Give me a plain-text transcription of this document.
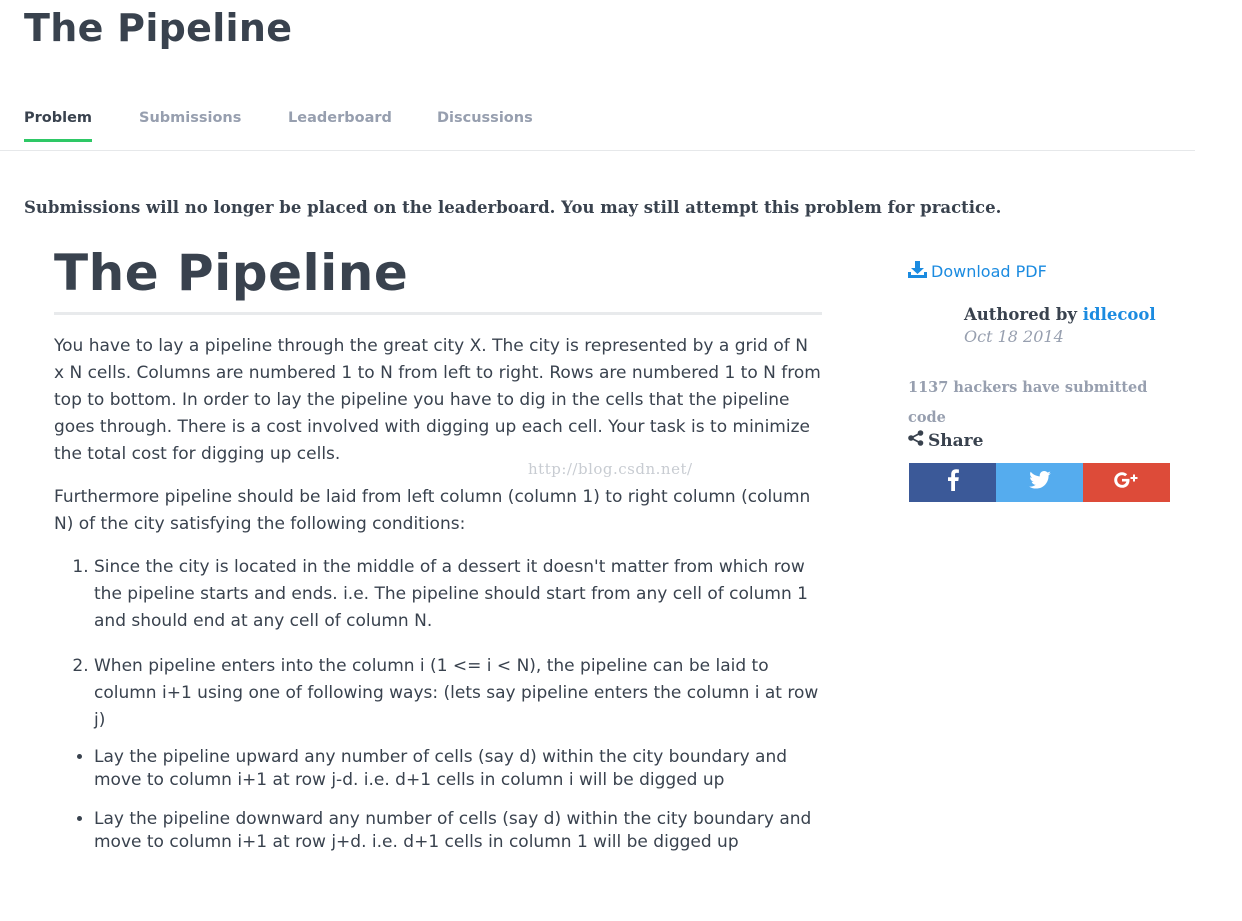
The Pipeline
Problem	Submissions	Leaderboard	Discussions

Submissions will no longer be placed on the leaderboard. You may still attempt this problem for practice.

The Pipeline

You have to lay a pipeline through the great city X. The city is represented by a grid of N x N cells. Columns are numbered 1 to N from left to right. Rows are numbered 1 to N from top to bottom. In order to lay the pipeline you have to dig in the cells that the pipeline goes through. There is a cost involved with digging up each cell. Your task is to minimize the total cost for digging up cells.

Furthermore pipeline should be laid from left column (column 1) to right column (column N) of the city satisfying the following conditions:

1. Since the city is located in the middle of a dessert it doesn't matter from which row the pipeline starts and ends. i.e. The pipeline should start from any cell of column 1 and should end at any cell of column N.
2. When pipeline enters into the column i (1 <= i < N), the pipeline can be laid to column i+1 using one of following ways: (lets say pipeline enters the column i at row j)
• Lay the pipeline upward any number of cells (say d) within the city boundary and move to column i+1 at row j-d. i.e. d+1 cells in column i will be digged up
• Lay the pipeline downward any number of cells (say d) within the city boundary and move to column i+1 at row j+d. i.e. d+1 cells in column 1 will be digged up
http://blog.csdn.net/
Download PDF
Authored by idlecool
Oct 18 2014
1137 hackers have submitted code
Share
